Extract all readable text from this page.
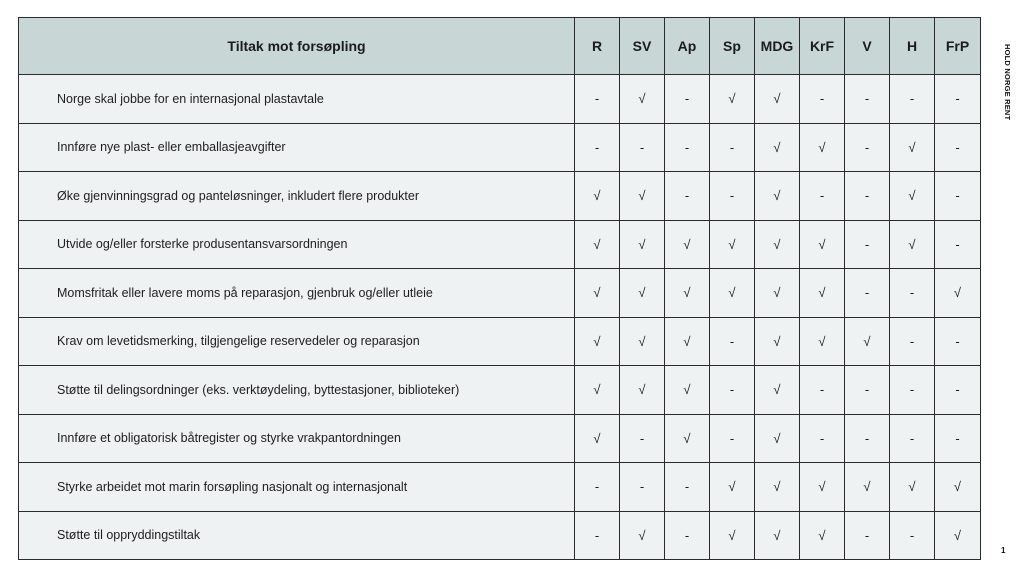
Tiltak mot forsøpling	R	SV	Ap	Sp	MDG	KrF	V	H	FrP
Norge skal jobbe for en internasjonal plastavtale	-	√	-	√	√	-	-	-	-
Innføre nye plast- eller emballasjeavgifter	-	-	-	-	√	√	-	√	-
Øke gjenvinningsgrad og panteløsninger, inkludert flere produkter	√	√	-	-	√	-	-	√	-
Utvide og/eller forsterke produsentansvarsordningen	√	√	√	√	√	√	-	√	-
Momsfritak eller lavere moms på reparasjon, gjenbruk og/eller utleie	√	√	√	√	√	√	-	-	√
Krav om levetidsmerking, tilgjengelige reservedeler og reparasjon	√	√	√	-	√	√	√	-	-
Støtte til delingsordninger (eks. verktøydeling, byttestasjoner, biblioteker)	√	√	√	-	√	-	-	-	-
Innføre et obligatorisk båtregister og styrke vrakpantordningen	√	-	√	-	√	-	-	-	-
Styrke arbeidet mot marin forsøpling nasjonalt og internasjonalt	-	-	-	√	√	√	√	√	√
Støtte til oppryddingstiltak	-	√	-	√	√	√	-	-	√
HOLD NORGE RENT
1
